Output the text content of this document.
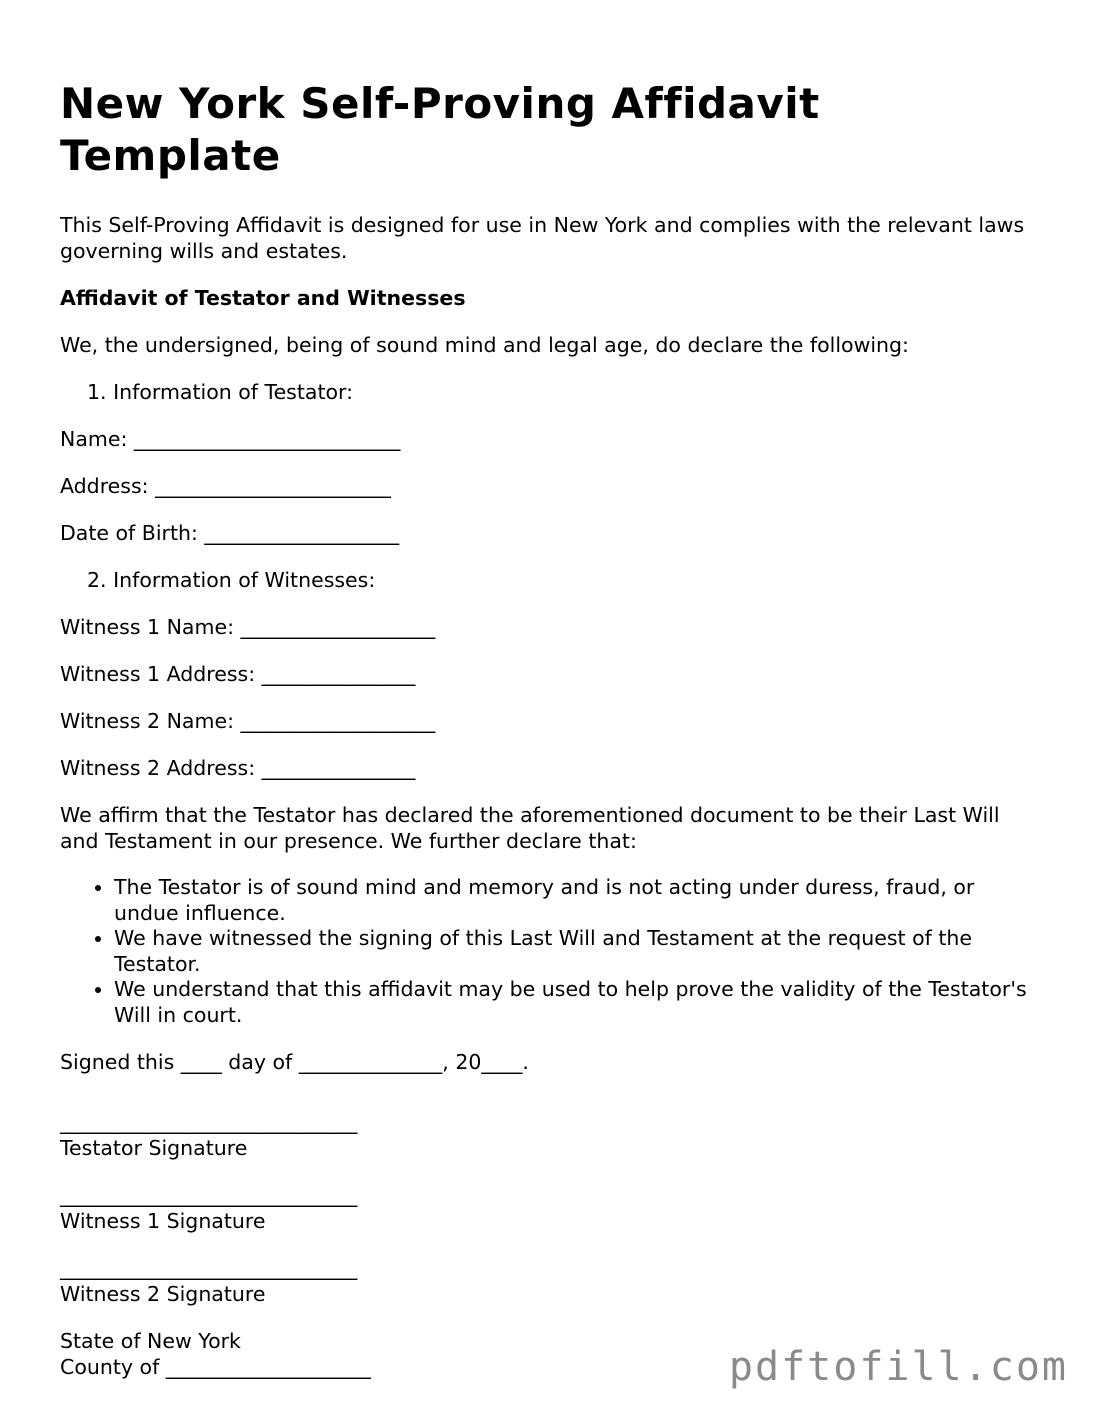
New York Self-Proving Affidavit Template

This Self-Proving Affidavit is designed for use in New York and complies with the relevant laws governing wills and estates.

Affidavit of Testator and Witnesses

We, the undersigned, being of sound mind and legal age, do declare the following:

1. Information of Testator:

Name: __________________________

Address: _______________________

Date of Birth: ___________________

2. Information of Witnesses:

Witness 1 Name: ___________________

Witness 1 Address: _______________

Witness 2 Name: ___________________

Witness 2 Address: _______________

We affirm that the Testator has declared the aforementioned document to be their Last Will and Testament in our presence. We further declare that:

• The Testator is of sound mind and memory and is not acting under duress, fraud, or undue influence.
• We have witnessed the signing of this Last Will and Testament at the request of the Testator.
• We understand that this affidavit may be used to help prove the validity of the Testator's Will in court.

Signed this ____ day of ______________, 20____.

_____________________________

Testator Signature

_____________________________

Witness 1 Signature

_____________________________

Witness 2 Signature

State of New York

County of ____________________	pdftofill.com
